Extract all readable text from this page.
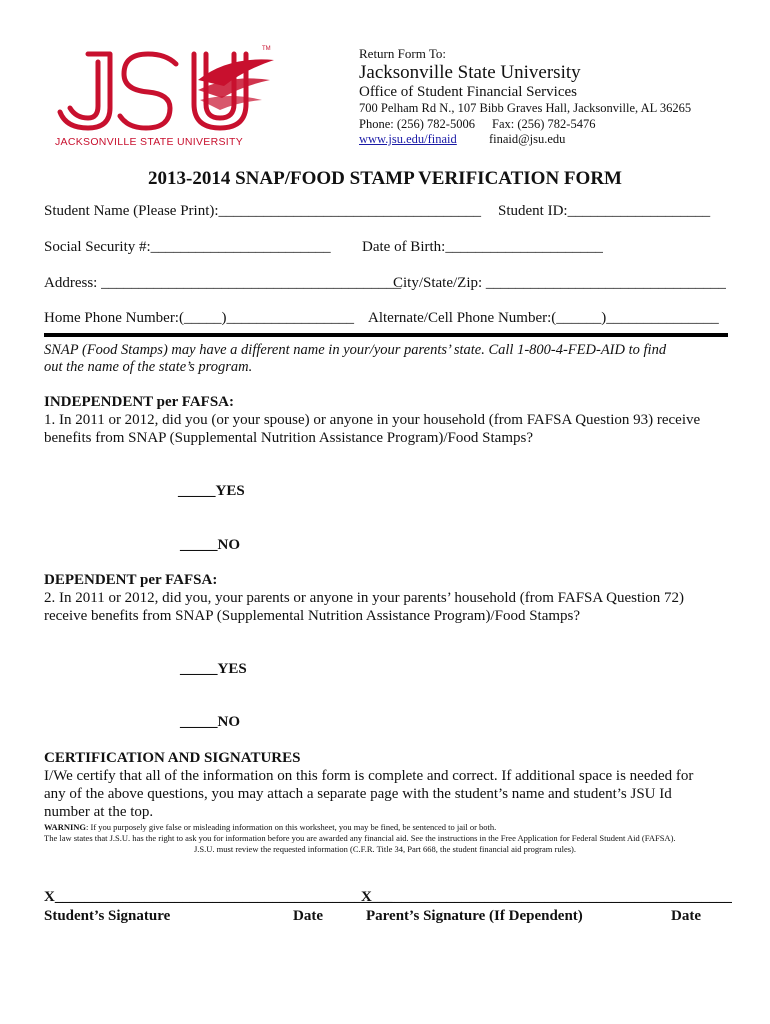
TM
JACKSONVILLE STATE UNIVERSITY
Return Form To:
Jacksonville State University
Office of Student Financial Services
700 Pelham Rd N., 107 Bibb Graves Hall, Jacksonville, AL 36265
Phone: (256) 782-5006 Fax: (256) 782-5476
www.jsu.edu/finaid	finaid@jsu.edu
2013-2014 SNAP/FOOD STAMP VERIFICATION FORM
Student Name (Please Print):___________________________________ Student ID:___________________
Social Security #:________________________ Date of Birth:_____________________
Address: ________________________________________
City/State/Zip: ________________________________
Home Phone Number:(_____)_________________ Alternate/Cell Phone Number:(______)_______________
SNAP (Food Stamps) may have a different name in your/your parents’ state. Call 1-800-4-FED-AID to find
out the name of the state’s program.
INDEPENDENT per FAFSA:
1. In 2011 or 2012, did you (or your spouse) or anyone in your household (from FAFSA Question 93) receive
benefits from SNAP (Supplemental Nutrition Assistance Program)/Food Stamps?
_____YES
_____NO
DEPENDENT per FAFSA:
2. In 2011 or 2012, did you, your parents or anyone in your parents’ household (from FAFSA Question 72)
receive benefits from SNAP (Supplemental Nutrition Assistance Program)/Food Stamps?
_____YES
_____NO
CERTIFICATION AND SIGNATURES
I/We certify that all of the information on this form is complete and correct. If additional space is needed for
any of the above questions, you may attach a separate page with the student’s name and student’s JSU Id
number at the top.
WARNING: If you purposely give false or misleading information on this worksheet, you may be fined, be sentenced to jail or both.
The law states that J.S.U. has the right to ask you for information before you are awarded any financial aid. See the instructions in the Free Application for Federal Student Aid (FAFSA).
J.S.U. must review the requested information (C.F.R. Title 34, Part 668, the student financial aid program rules).
X_____________________________________________
X________________________________________________
Student’s Signature	Date	Parent’s Signature (If Dependent)	Date
